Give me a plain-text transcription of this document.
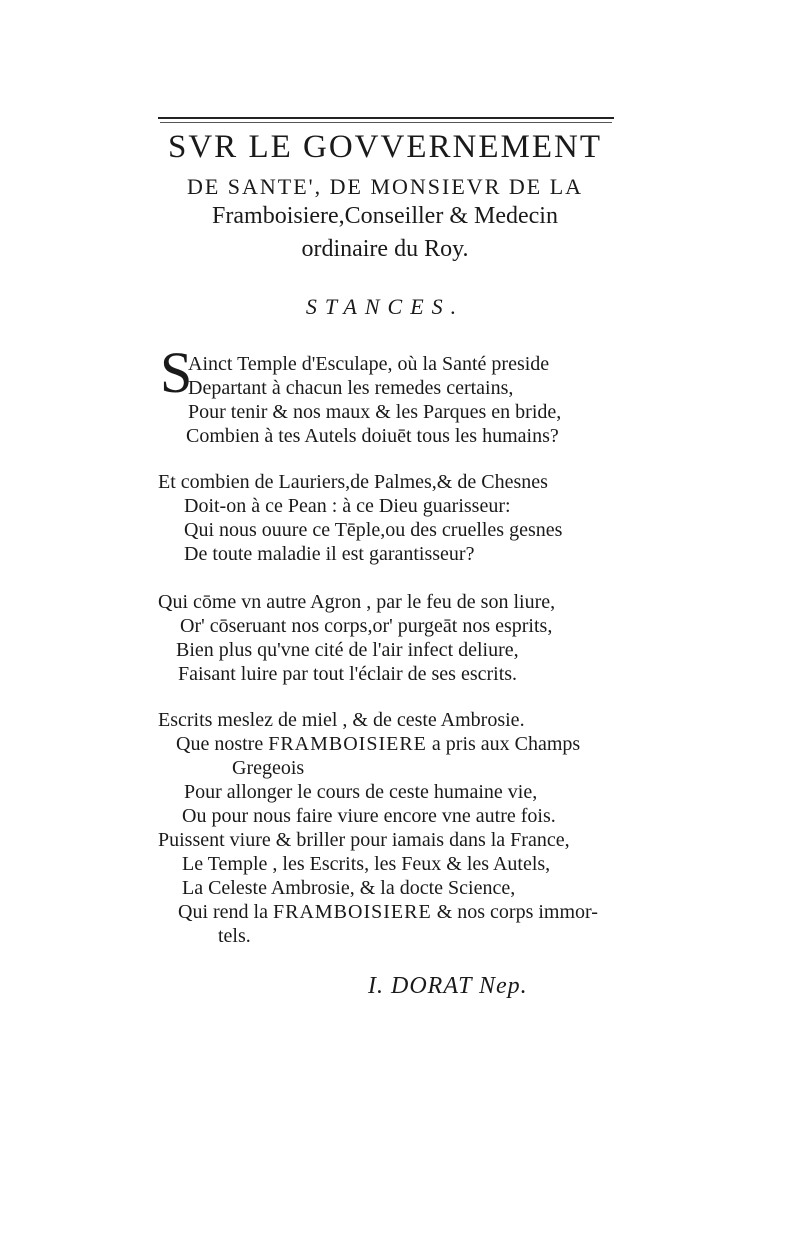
SVR LE GOVVERNEMENT
DE SANTE', DE MONSIEVR DE LA
Framboisiere,Conseiller & Medecin
ordinaire du Roy.
STANCES.
S
Ainct Temple d'Esculape, où la Santé preside
Departant à chacun les remedes certains,
Pour tenir & nos maux & les Parques en bride,
Combien à tes Autels doiuēt tous les humains?
Et combien de Lauriers,de Palmes,& de Chesnes
Doit-on à ce Pean : à ce Dieu guarisseur:
Qui nous ouure ce Tēple,ou des cruelles gesnes
De toute maladie il est garantisseur?
Qui cōme vn autre Agron , par le feu de son liure,
Or' cōseruant nos corps,or' purgeāt nos esprits,
Bien plus qu'vne cité de l'air infect deliure,
Faisant luire par tout l'éclair de ses escrits.
Escrits meslez de miel , & de ceste Ambrosie.
Que nostre FRAMBOISIERE a pris aux Champs
Gregeois
Pour allonger le cours de ceste humaine vie,
Ou pour nous faire viure encore vne autre fois.
Puissent viure & briller pour iamais dans la France,
Le Temple , les Escrits, les Feux & les Autels,
La Celeste Ambrosie, & la docte Science,
Qui rend la FRAMBOISIERE & nos corps immor-
tels.
I. DORAT Nep.
